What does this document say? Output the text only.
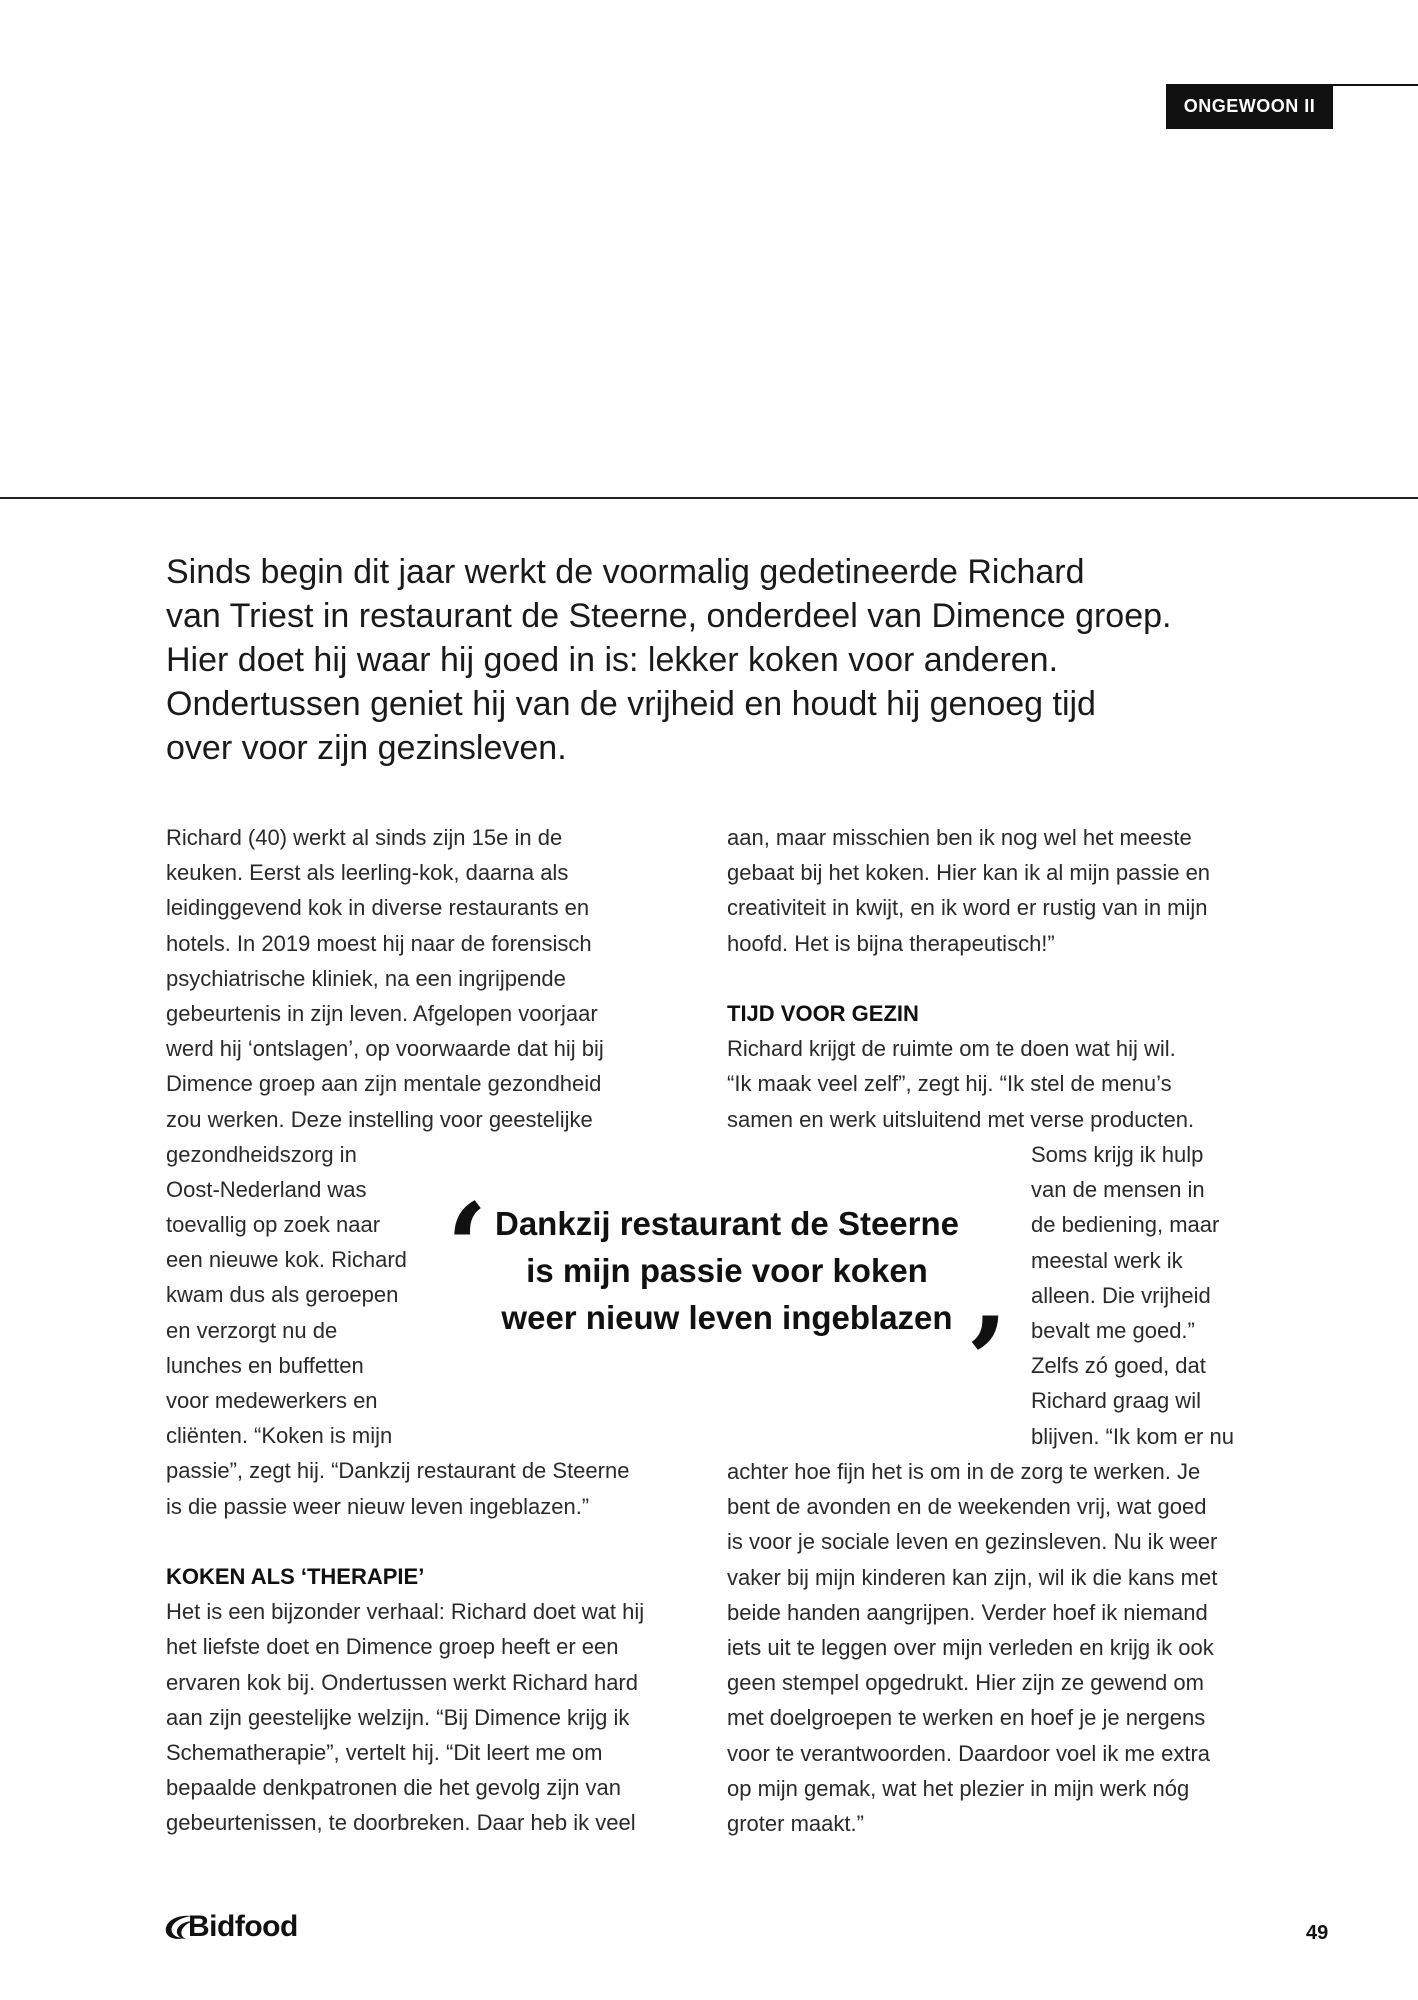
ONGEWOON II
Sinds begin dit jaar werkt de voormalig gedetineerde Richard
van Triest in restaurant de Steerne, onderdeel van Dimence groep.
Hier doet hij waar hij goed in is: lekker koken voor anderen.
Ondertussen geniet hij van de vrijheid en houdt hij genoeg tijd
over voor zijn gezinsleven.
Richard (40) werkt al sinds zijn 15e in de
keuken. Eerst als leerling-kok, daarna als
leidinggevend kok in diverse restaurants en
hotels. In 2019 moest hij naar de forensisch
psychiatrische kliniek, na een ingrijpende
gebeurtenis in zijn leven. Afgelopen voorjaar
werd hij ‘ontslagen’, op voorwaarde dat hij bij
Dimence groep aan zijn mentale gezondheid
zou werken. Deze instelling voor geestelijke
gezondheidszorg in
Oost-Nederland was
toevallig op zoek naar
een nieuwe kok. Richard
kwam dus als geroepen
en verzorgt nu de
lunches en buffetten
voor medewerkers en
cliënten. “Koken is mijn
passie”, zegt hij. “Dankzij restaurant de Steerne
is die passie weer nieuw leven ingeblazen.”
KOKEN ALS ‘THERAPIE’
Het is een bijzonder verhaal: Richard doet wat hij
het liefste doet en Dimence groep heeft er een
ervaren kok bij. Ondertussen werkt Richard hard
aan zijn geestelijke welzijn. “Bij Dimence krijg ik
Schematherapie”, vertelt hij. “Dit leert me om
bepaalde denkpatronen die het gevolg zijn van
gebeurtenissen, te doorbreken. Daar heb ik veel
aan, maar misschien ben ik nog wel het meeste
gebaat bij het koken. Hier kan ik al mijn passie en
creativiteit in kwijt, en ik word er rustig van in mijn
hoofd. Het is bijna therapeutisch!”
TIJD VOOR GEZIN
Richard krijgt de ruimte om te doen wat hij wil.
“Ik maak veel zelf”, zegt hij. “Ik stel de menu’s
samen en werk uitsluitend met verse producten.
Soms krijg ik hulp
van de mensen in
de bediening, maar
meestal werk ik
alleen. Die vrijheid
bevalt me goed.”
Zelfs zó goed, dat
Richard graag wil
blijven. “Ik kom er nu
achter hoe fijn het is om in de zorg te werken. Je
bent de avonden en de weekenden vrij, wat goed
is voor je sociale leven en gezinsleven. Nu ik weer
vaker bij mijn kinderen kan zijn, wil ik die kans met
beide handen aangrijpen. Verder hoef ik niemand
iets uit te leggen over mijn verleden en krijg ik ook
geen stempel opgedrukt. Hier zijn ze gewend om
met doelgroepen te werken en hoef je je nergens
voor te verantwoorden. Daardoor voel ik me extra
op mijn gemak, wat het plezier in mijn werk nóg
groter maakt.”
‘ Dankzij restaurant de Steerne
is mijn passie voor koken
weer nieuw leven ingeblazen ’
Bidfood	49
